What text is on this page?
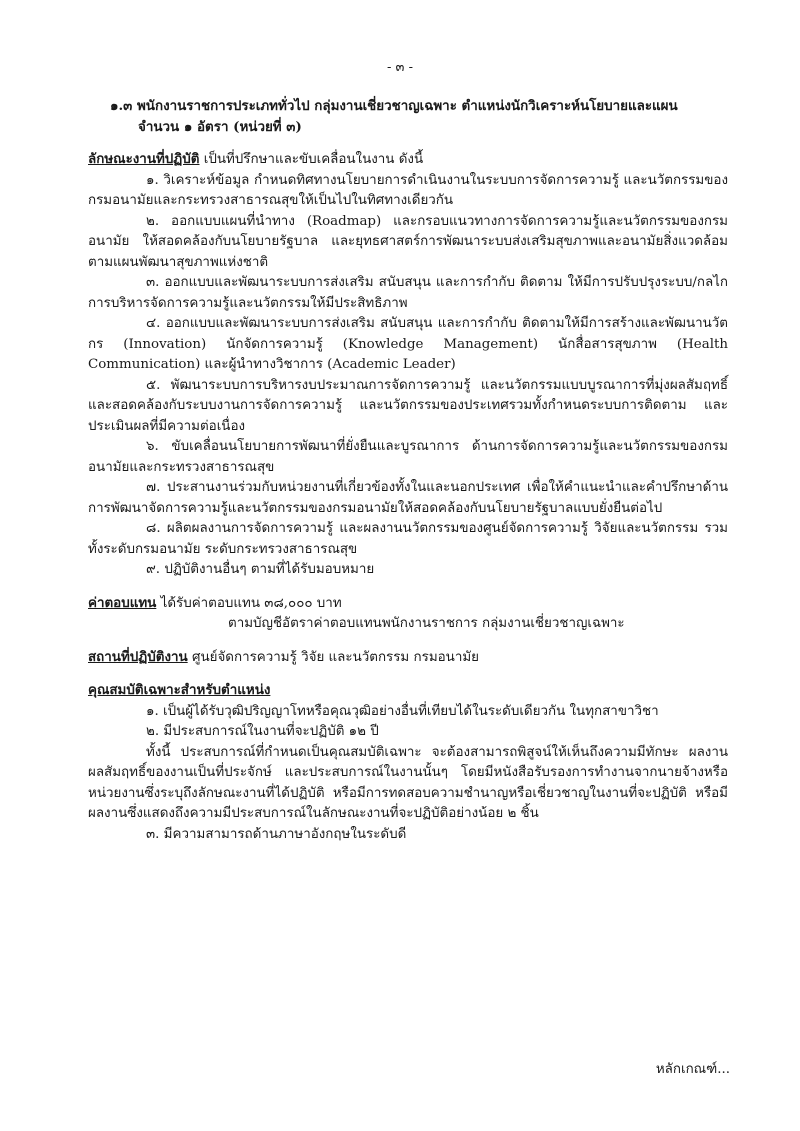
- ๓ -
๑.๓ พนักงานราชการประเภททั่วไป กลุ่มงานเชี่ยวชาญเฉพาะ ตำแหน่งนักวิเคราะห์นโยบายและแผน
จำนวน ๑ อัตรา (หน่วยที่ ๓)
ลักษณะงานที่ปฏิบัติ เป็นที่ปรึกษาและขับเคลื่อนในงาน ดังนี้
๑. วิเคราะห์ข้อมูล กำหนดทิศทางนโยบายการดำเนินงานในระบบการจัดการความรู้ และนวัตกรรมของกรมอนามัยและกระทรวงสาธารณสุขให้เป็นไปในทิศทางเดียวกัน
๒. ออกแบบแผนที่นำทาง (Roadmap) และกรอบแนวทางการจัดการความรู้และนวัตกรรมของกรมอนามัย ให้สอดคล้องกับนโยบายรัฐบาล และยุทธศาสตร์การพัฒนาระบบส่งเสริมสุขภาพและอนามัยสิ่งแวดล้อม ตามแผนพัฒนาสุขภาพแห่งชาติ
๓. ออกแบบและพัฒนาระบบการส่งเสริม สนับสนุน และการกำกับ ติดตาม ให้มีการปรับปรุงระบบ/กลไก การบริหารจัดการความรู้และนวัตกรรมให้มีประสิทธิภาพ
๔. ออกแบบและพัฒนาระบบการส่งเสริม สนับสนุน และการกำกับ ติดตามให้มีการสร้างและพัฒนานวัตกร (Innovation) นักจัดการความรู้ (Knowledge Management) นักสื่อสารสุขภาพ (Health Communication) และผู้นำทางวิชาการ (Academic Leader)
๕. พัฒนาระบบการบริหารงบประมาณการจัดการความรู้ และนวัตกรรมแบบบูรณาการที่มุ่งผลสัมฤทธิ์ และสอดคล้องกับระบบงานการจัดการความรู้ และนวัตกรรมของประเทศรวมทั้งกำหนดระบบการติดตาม และประเมินผลที่มีความต่อเนื่อง
๖. ขับเคลื่อนนโยบายการพัฒนาที่ยั่งยืนและบูรณาการ ด้านการจัดการความรู้และนวัตกรรมของกรมอนามัยและกระทรวงสาธารณสุข
๗. ประสานงานร่วมกับหน่วยงานที่เกี่ยวข้องทั้งในและนอกประเทศ เพื่อให้คำแนะนำและคำปรึกษาด้านการพัฒนาจัดการความรู้และนวัตกรรมของกรมอนามัยให้สอดคล้องกับนโยบายรัฐบาลแบบยั่งยืนต่อไป
๘. ผลิตผลงานการจัดการความรู้ และผลงานนวัตกรรมของศูนย์จัดการความรู้ วิจัยและนวัตกรรม รวมทั้งระดับกรมอนามัย ระดับกระทรวงสาธารณสุข
๙. ปฏิบัติงานอื่นๆ ตามที่ได้รับมอบหมาย
ค่าตอบแทน ได้รับค่าตอบแทน ๓๘,๐๐๐ บาท
ตามบัญชีอัตราค่าตอบแทนพนักงานราชการ กลุ่มงานเชี่ยวชาญเฉพาะ
สถานที่ปฏิบัติงาน ศูนย์จัดการความรู้ วิจัย และนวัตกรรม กรมอนามัย
คุณสมบัติเฉพาะสำหรับตำแหน่ง
๑. เป็นผู้ได้รับวุฒิปริญญาโทหรือคุณวุฒิอย่างอื่นที่เทียบได้ในระดับเดียวกัน ในทุกสาขาวิชา
๒. มีประสบการณ์ในงานที่จะปฏิบัติ ๑๒ ปี
ทั้งนี้ ประสบการณ์ที่กำหนดเป็นคุณสมบัติเฉพาะ จะต้องสามารถพิสูจน์ให้เห็นถึงความมีทักษะ ผลงาน ผลสัมฤทธิ์ของงานเป็นที่ประจักษ์ และประสบการณ์ในงานนั้นๆ โดยมีหนังสือรับรองการทำงานจากนายจ้างหรือหน่วยงานซึ่งระบุถึงลักษณะงานที่ได้ปฏิบัติ หรือมีการทดสอบความชำนาญหรือเชี่ยวชาญในงานที่จะปฏิบัติ หรือมีผลงานซึ่งแสดงถึงความมีประสบการณ์ในลักษณะงานที่จะปฏิบัติอย่างน้อย ๒ ชิ้น
๓. มีความสามารถด้านภาษาอังกฤษในระดับดี
หลักเกณฑ์...
